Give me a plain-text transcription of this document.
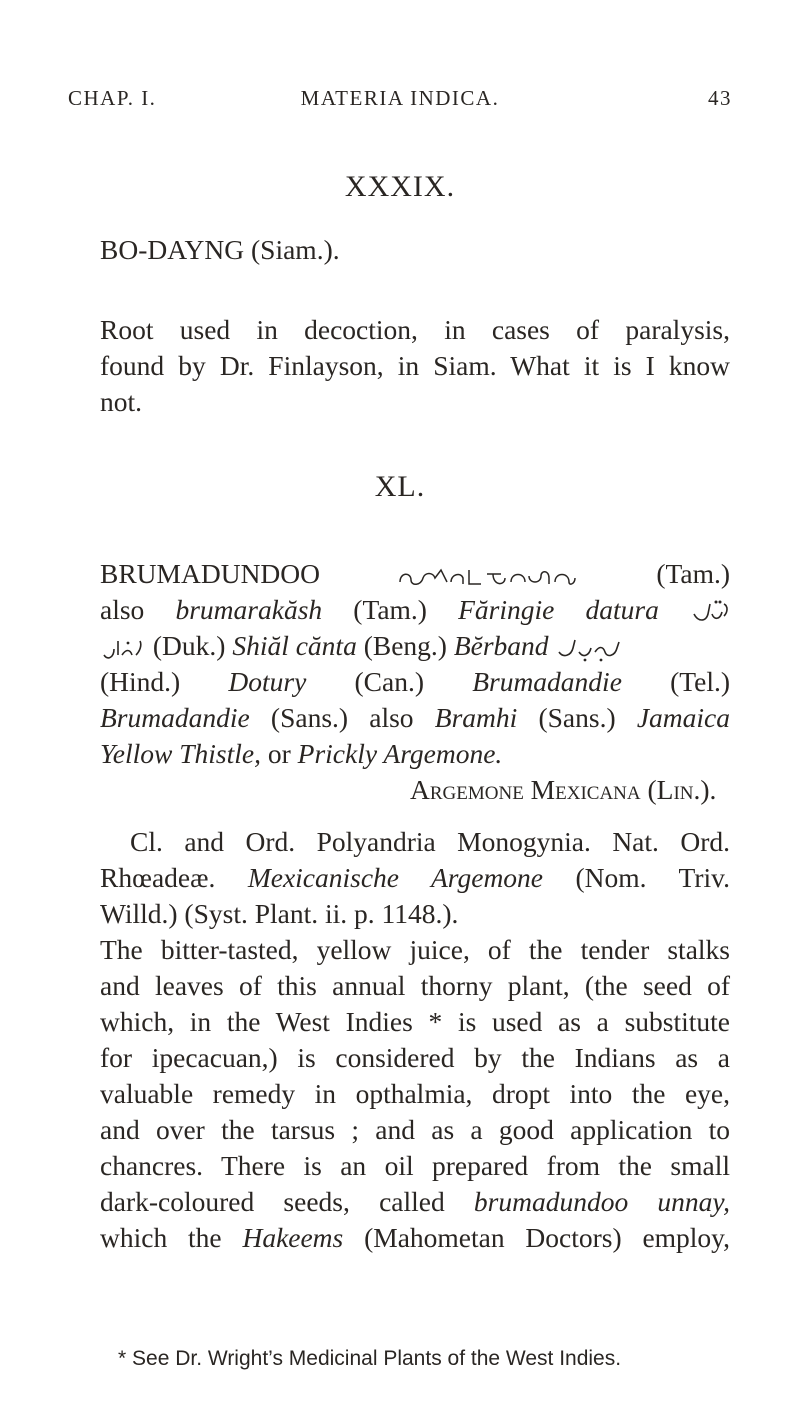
CHAP. I.	MATERIA INDICA.	43
XXXIX.
BO-DAYNG (Siam.).
Root used in decoction, in cases of paralysis,
found by Dr. Finlayson, in Siam. What it is I know
not.
XL.
BRUMADUNDOO	(Tam.)
also brumarakăsh (Tam.) Făringie datura
(Duk.) Shiăl cănta (Beng.) Bĕrband
(Hind.) Dotury (Can.) Brumadandie (Tel.)
Brumadandie (Sans.) also Bramhi (Sans.) Jamaica
Yellow Thistle, or Prickly Argemone.
Argemone Mexicana (Lin.).
Cl. and Ord. Polyandria Monogynia. Nat. Ord.
Rhœadeæ. Mexicanische Argemone (Nom. Triv.
Willd.) (Syst. Plant. ii. p. 1148.).
The bitter-tasted, yellow juice, of the tender stalks
and leaves of this annual thorny plant, (the seed of
which, in the West Indies * is used as a substitute
for ipecacuan,) is considered by the Indians as a
valuable remedy in opthalmia, dropt into the eye,
and over the tarsus ; and as a good application to
chancres. There is an oil prepared from the small
dark-coloured seeds, called brumadundoo unnay,
which the Hakeems (Mahometan Doctors) employ,
* See Dr. Wright’s Medicinal Plants of the West Indies.
